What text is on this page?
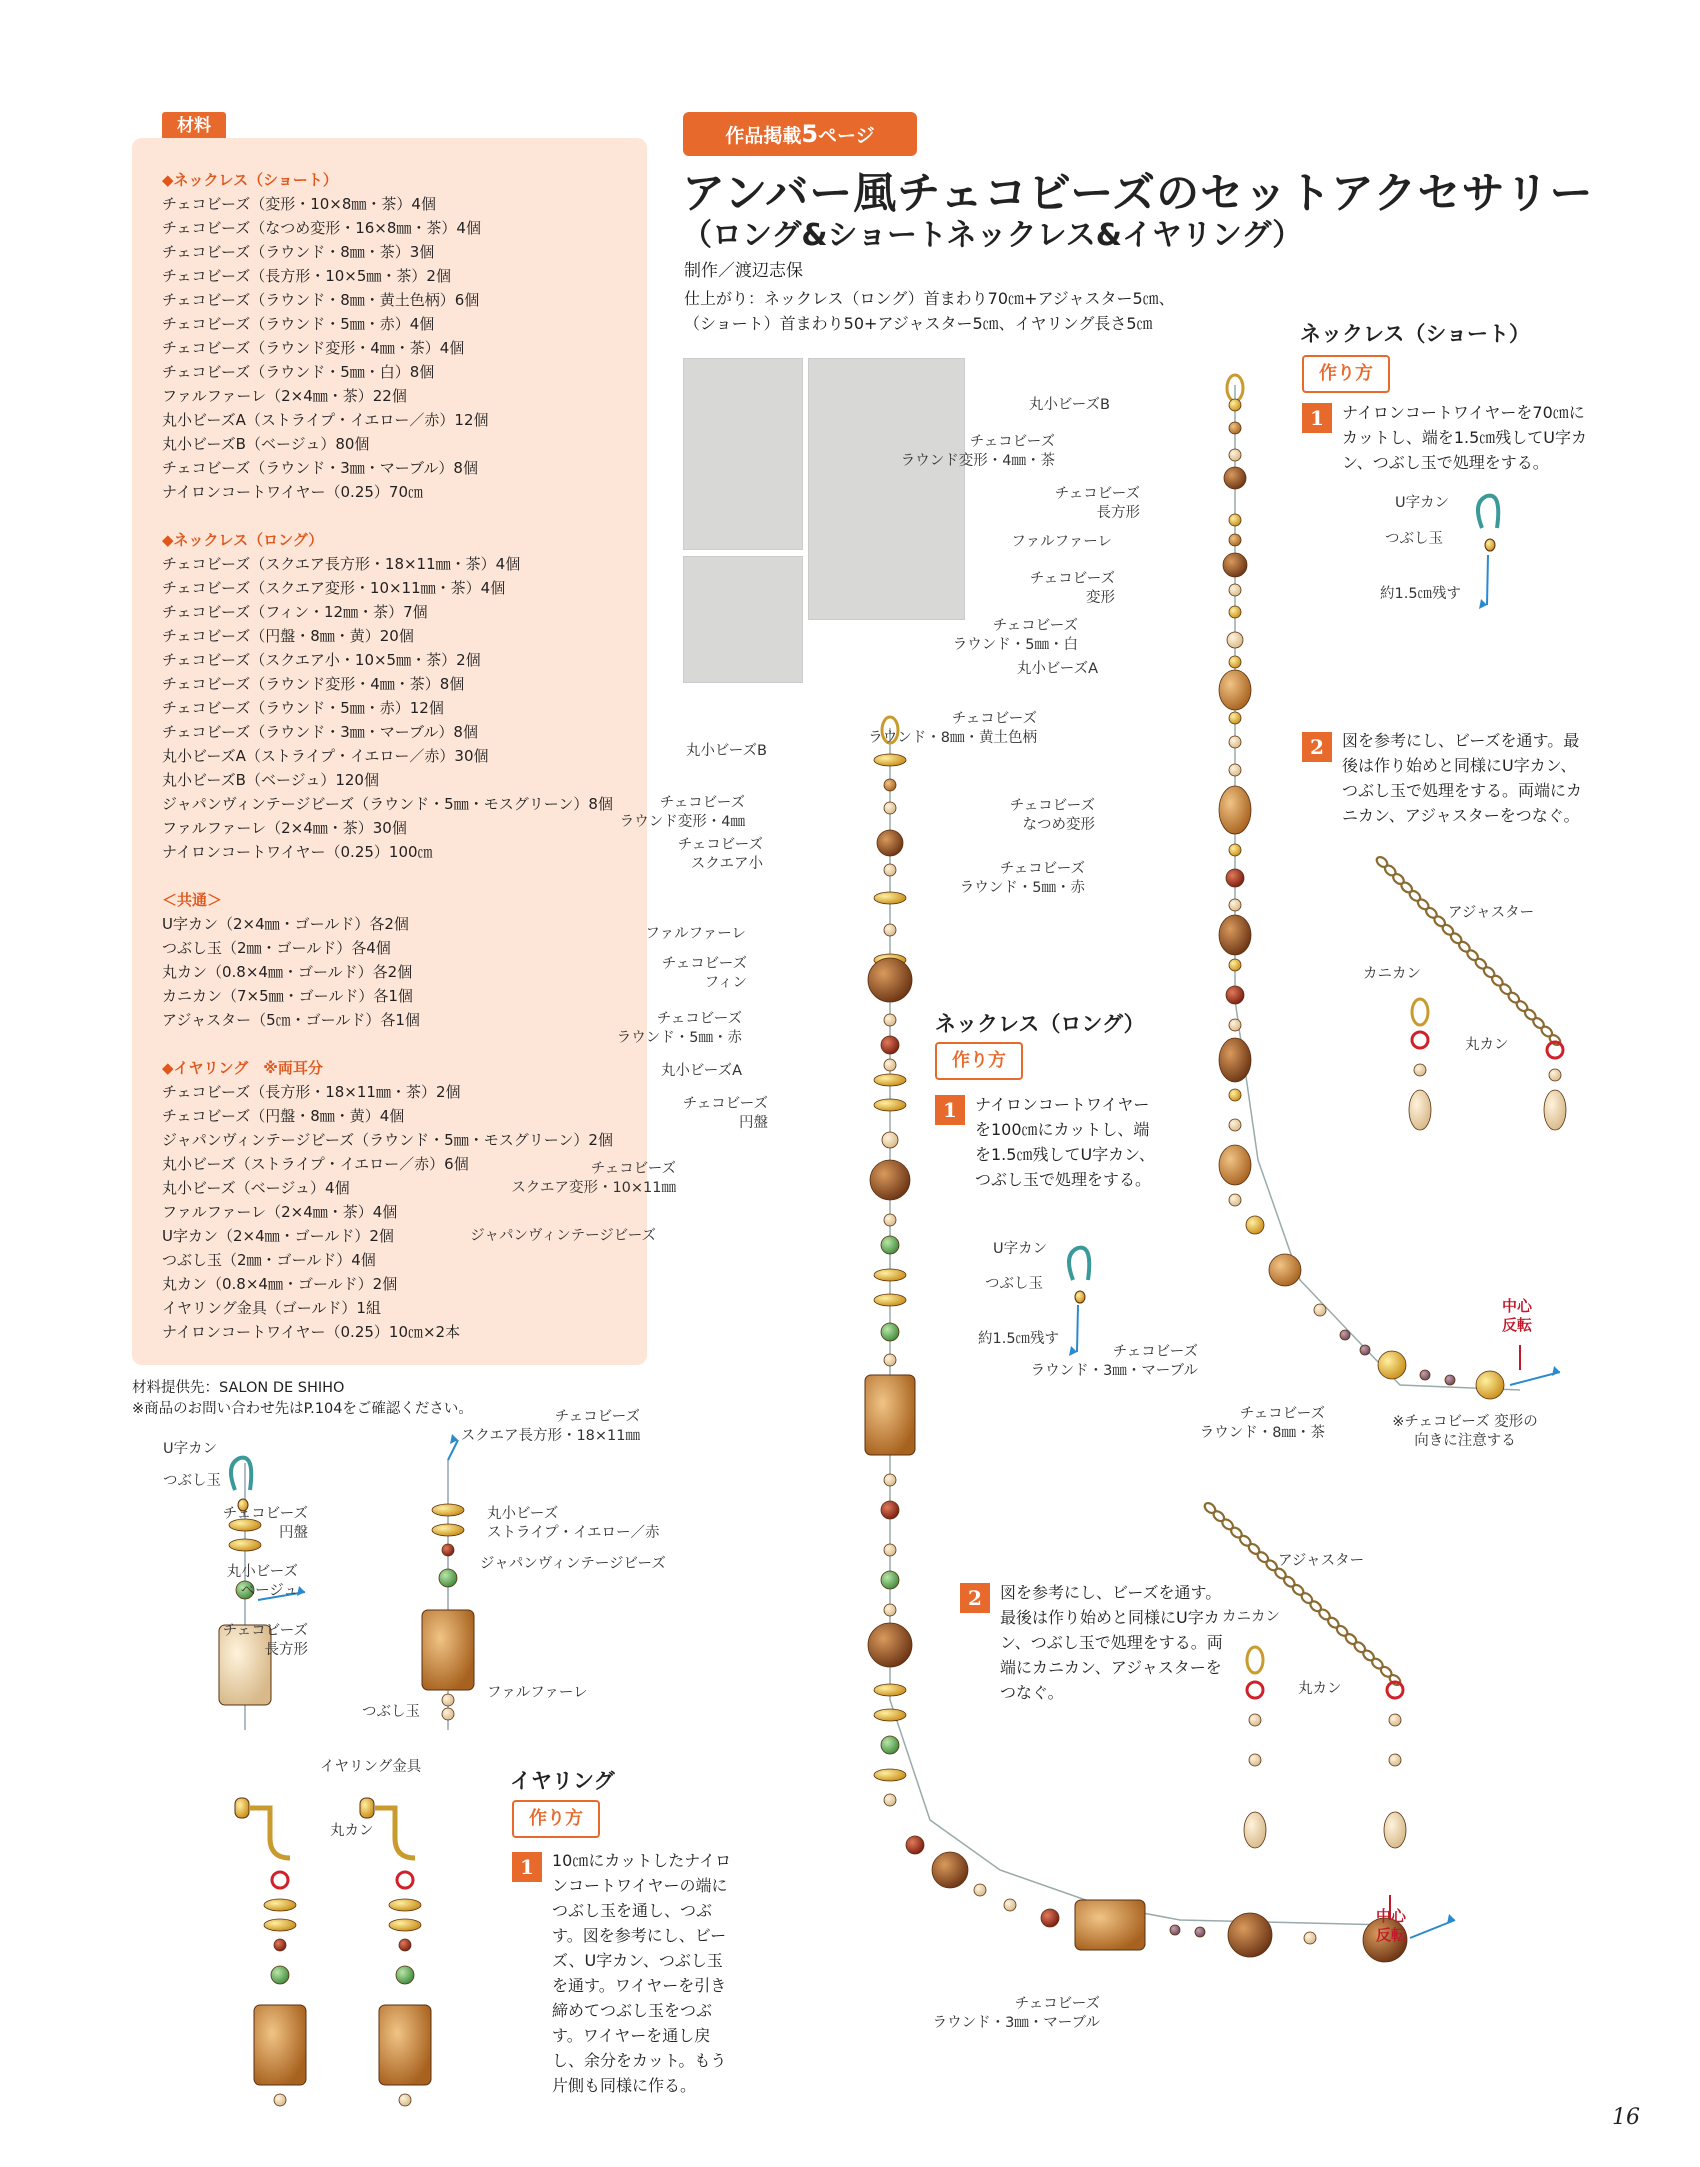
材料
◆ネックレス（ショート）
チェコビーズ（変形・10×8㎜・茶）4個
チェコビーズ（なつめ変形・16×8㎜・茶）4個
チェコビーズ（ラウンド・8㎜・茶）3個
チェコビーズ（長方形・10×5㎜・茶）2個
チェコビーズ（ラウンド・8㎜・黄土色柄）6個
チェコビーズ（ラウンド・5㎜・赤）4個
チェコビーズ（ラウンド変形・4㎜・茶）4個
チェコビーズ（ラウンド・5㎜・白）8個
ファルファーレ（2×4㎜・茶）22個
丸小ビーズA（ストライプ・イエロー／赤）12個
丸小ビーズB（ベージュ）80個
チェコビーズ（ラウンド・3㎜・マーブル）8個
ナイロンコートワイヤー（0.25）70㎝
◆ネックレス（ロング）
チェコビーズ（スクエア長方形・18×11㎜・茶）4個
チェコビーズ（スクエア変形・10×11㎜・茶）4個
チェコビーズ（フィン・12㎜・茶）7個
チェコビーズ（円盤・8㎜・黄）20個
チェコビーズ（スクエア小・10×5㎜・茶）2個
チェコビーズ（ラウンド変形・4㎜・茶）8個
チェコビーズ（ラウンド・5㎜・赤）12個
チェコビーズ（ラウンド・3㎜・マーブル）8個
丸小ビーズA（ストライプ・イエロー／赤）30個
丸小ビーズB（ベージュ）120個
ジャパンヴィンテージビーズ（ラウンド・5㎜・モスグリーン）8個
ファルファーレ（2×4㎜・茶）30個
ナイロンコートワイヤー（0.25）100㎝
＜共通＞
U字カン（2×4㎜・ゴールド）各2個
つぶし玉（2㎜・ゴールド）各4個
丸カン（0.8×4㎜・ゴールド）各2個
カニカン（7×5㎜・ゴールド）各1個
アジャスター（5㎝・ゴールド）各1個
◆イヤリング　※両耳分
チェコビーズ（長方形・18×11㎜・茶）2個
チェコビーズ（円盤・8㎜・黄）4個
ジャパンヴィンテージビーズ（ラウンド・5㎜・モスグリーン）2個
丸小ビーズ（ストライプ・イエロー／赤）6個
丸小ビーズ（ベージュ）4個
ファルファーレ（2×4㎜・茶）4個
U字カン（2×4㎜・ゴールド）2個
つぶし玉（2㎜・ゴールド）4個
丸カン（0.8×4㎜・ゴールド）2個
イヤリング金具（ゴールド）1組
ナイロンコートワイヤー（0.25）10㎝×2本
材料提供先：SALON DE SHIHO
※商品のお問い合わせ先はP.104をご確認ください。
作品掲載5ページ
アンバー風チェコビーズのセットアクセサリー
（ロング&ショートネックレス&イヤリング）
制作／渡辺志保
仕上がり：ネックレス（ロング）首まわり70㎝+アジャスター5㎝、
（ショート）首まわり50+アジャスター5㎝、イヤリング長さ5㎝	ネックレス（ショート）
作り方
1	ナイロンコートワイヤーを70㎝にカットし、端を1.5㎝残してU字カン、つぶし玉で処理をする。
2	図を参考にし、ビーズを通す。最後は作り始めと同様にU字カン、つぶし玉で処理をする。両端にカニカン、アジャスターをつなぐ。
ネックレス（ロング）
作り方
1	ナイロンコートワイヤーを100㎝にカットし、端を1.5㎝残してU字カン、つぶし玉で処理をする。
2	図を参考にし、ビーズを通す。最後は作り始めと同様にU字カン、つぶし玉で処理をする。両端にカニカン、アジャスターをつなぐ。
イヤリング
作り方
1	10㎝にカットしたナイロンコートワイヤーの端につぶし玉を通し、つぶす。図を参考にし、ビーズ、U字カン、つぶし玉を通す。ワイヤーを引き締めてつぶし玉をつぶす。ワイヤーを通し戻し、余分をカット。もう片側も同様に作る。
丸小ビーズB
チェコビーズ
ラウンド変形・4㎜・茶
チェコビーズ
長方形
ファルファーレ
チェコビーズ
変形
チェコビーズ
ラウンド・5㎜・白
丸小ビーズA
チェコビーズ
ラウンド・8㎜・黄土色柄
チェコビーズ
なつめ変形
チェコビーズ
ラウンド・5㎜・赤
チェコビーズ
ラウンド・3㎜・マーブル
チェコビーズ
ラウンド・8㎜・茶
※チェコビーズ 変形の
向きに注意する
U字カン
つぶし玉
約1.5㎝残す
アジャスター
カニカン
丸カン
丸小ビーズB
チェコビーズ
ラウンド変形・4㎜
チェコビーズ
スクエア小
ファルファーレ
チェコビーズ
フィン
チェコビーズ
ラウンド・5㎜・赤
丸小ビーズA
チェコビーズ
円盤
チェコビーズ
スクエア変形・10×11㎜
ジャパンヴィンテージビーズ
チェコビーズ
スクエア長方形・18×11㎜
チェコビーズ
ラウンド・3㎜・マーブル
U字カン
つぶし玉
約1.5㎝残す
アジャスター
カニカン
丸カン
U字カン
つぶし玉
チェコビーズ
円盤
丸小ビーズ
ベージュ
チェコビーズ
長方形
つぶし玉
丸小ビーズ
ストライプ・イエロー／赤
ジャパンヴィンテージビーズ
ファルファーレ
イヤリング金具
丸カン
中心
反転
中心
反転
16
